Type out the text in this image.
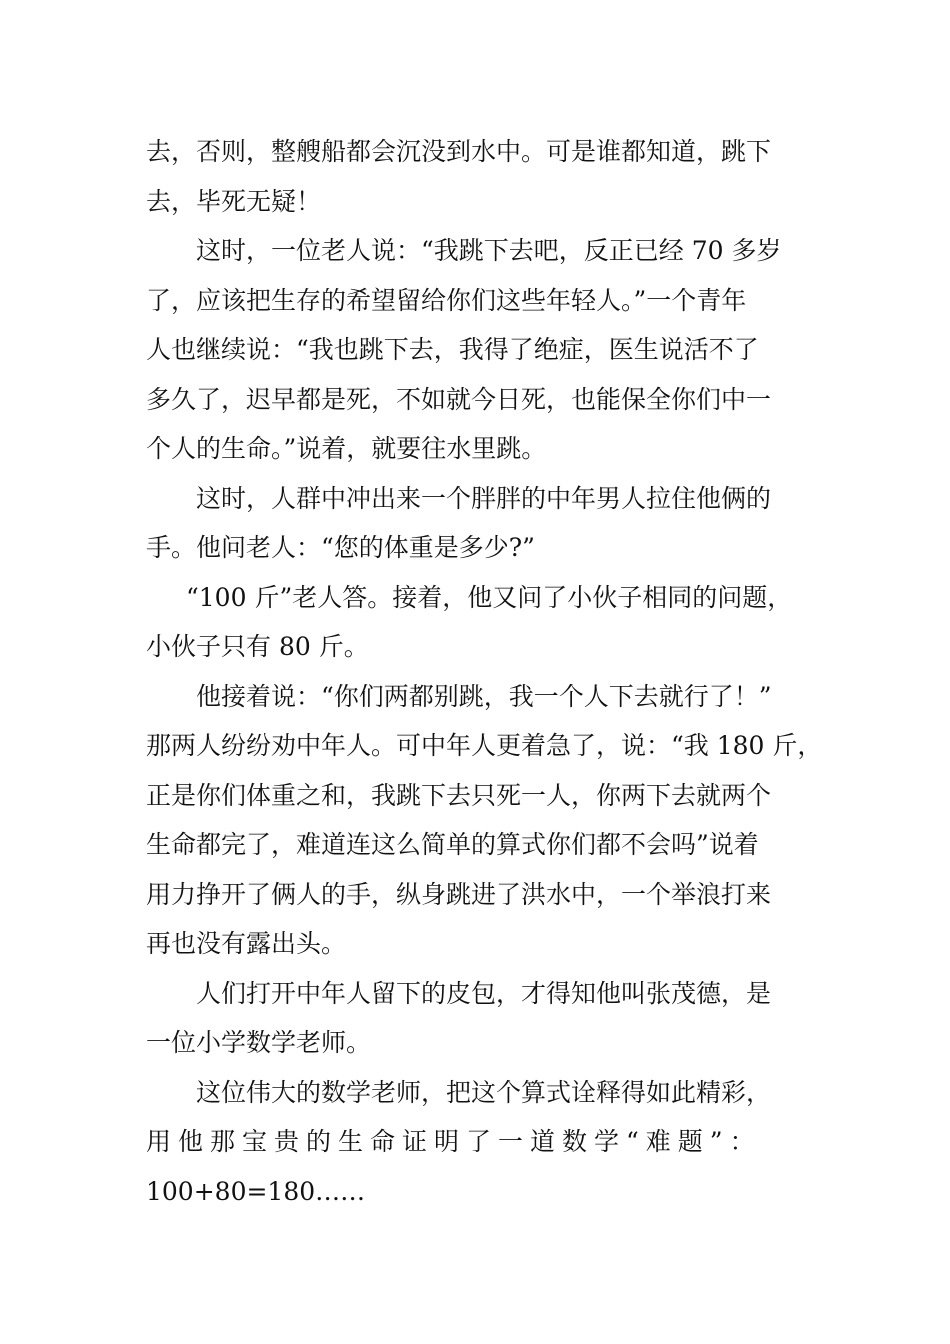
去，否则，整艘船都会沉没到水中。可是谁都知道，跳下
去，毕死无疑！
这时，一位老人说：“我跳下去吧，反正已经 70 多岁
了，应该把生存的希望留给你们这些年轻人。”一个青年
人也继续说：“我也跳下去，我得了绝症，医生说活不了
多久了，迟早都是死，不如就今日死，也能保全你们中一
个人的生命。”说着，就要往水里跳。
这时，人群中冲出来一个胖胖的中年男人拉住他俩的
手。他问老人：“您的体重是多少?”
“100 斤”老人答。接着，他又问了小伙子相同的问题，
小伙子只有 80 斤。
他接着说：“你们两都别跳，我一个人下去就行了！”
那两人纷纷劝中年人。可中年人更着急了，说：“我 180 斤，
正是你们体重之和，我跳下去只死一人，你两下去就两个
生命都完了，难道连这么简单的算式你们都不会吗”说着
用力挣开了俩人的手，纵身跳进了洪水中，一个举浪打来
再也没有露出头。
人们打开中年人留下的皮包，才得知他叫张茂德，是
一位小学数学老师。
这位伟大的数学老师，把这个算式诠释得如此精彩，
用他那宝贵的生命证明了一道数学“难题”：
100+80=180……
